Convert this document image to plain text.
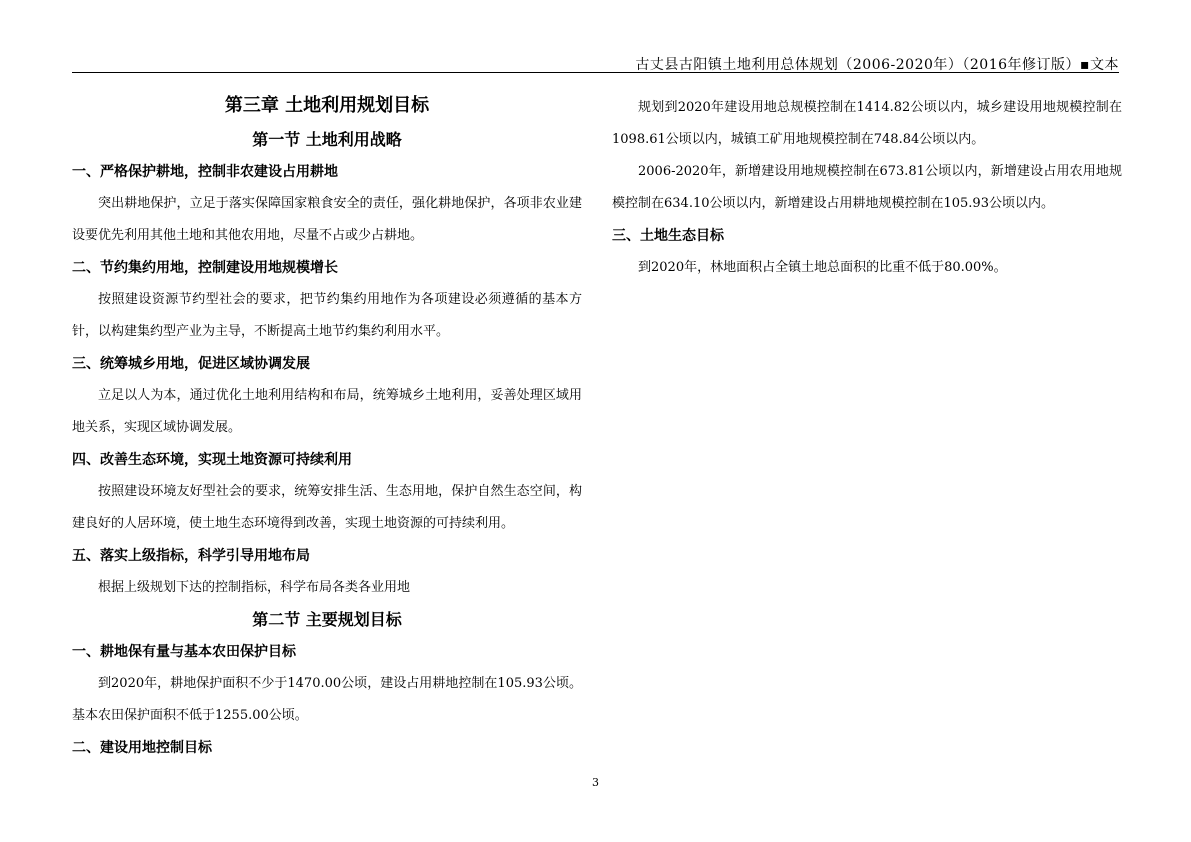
古丈县古阳镇土地利用总体规划（2006-2020年）（2016年修订版）▪文本
第三章 土地利用规划目标
第一节 土地利用战略
一、严格保护耕地，控制非农建设占用耕地

突出耕地保护，立足于落实保障国家粮食安全的责任，强化耕地保护，各项非农业建设要优先利用其他土地和其他农用地，尽量不占或少占耕地。

二、节约集约用地，控制建设用地规模增长

按照建设资源节约型社会的要求，把节约集约用地作为各项建设必须遵循的基本方针，以构建集约型产业为主导，不断提高土地节约集约利用水平。

三、统筹城乡用地，促进区域协调发展

立足以人为本，通过优化土地利用结构和布局，统筹城乡土地利用，妥善处理区域用地关系，实现区域协调发展。

四、改善生态环境，实现土地资源可持续利用

按照建设环境友好型社会的要求，统筹安排生活、生态用地，保护自然生态空间，构建良好的人居环境，使土地生态环境得到改善，实现土地资源的可持续利用。

五、落实上级指标，科学引导用地布局

根据上级规划下达的控制指标，科学布局各类各业用地

第二节 主要规划目标
一、耕地保有量与基本农田保护目标

到2020年，耕地保护面积不少于1470.00公顷，建设占用耕地控制在105.93公顷。基本农田保护面积不低于1255.00公顷。

二、建设用地控制目标

规划到2020年建设用地总规模控制在1414.82公顷以内，城乡建设用地规模控制在1098.61公顷以内，城镇工矿用地规模控制在748.84公顷以内。

2006-2020年，新增建设用地规模控制在673.81公顷以内，新增建设占用农用地规模控制在634.10公顷以内，新增建设占用耕地规模控制在105.93公顷以内。

三、土地生态目标

到2020年，林地面积占全镇土地总面积的比重不低于80.00%。

3
